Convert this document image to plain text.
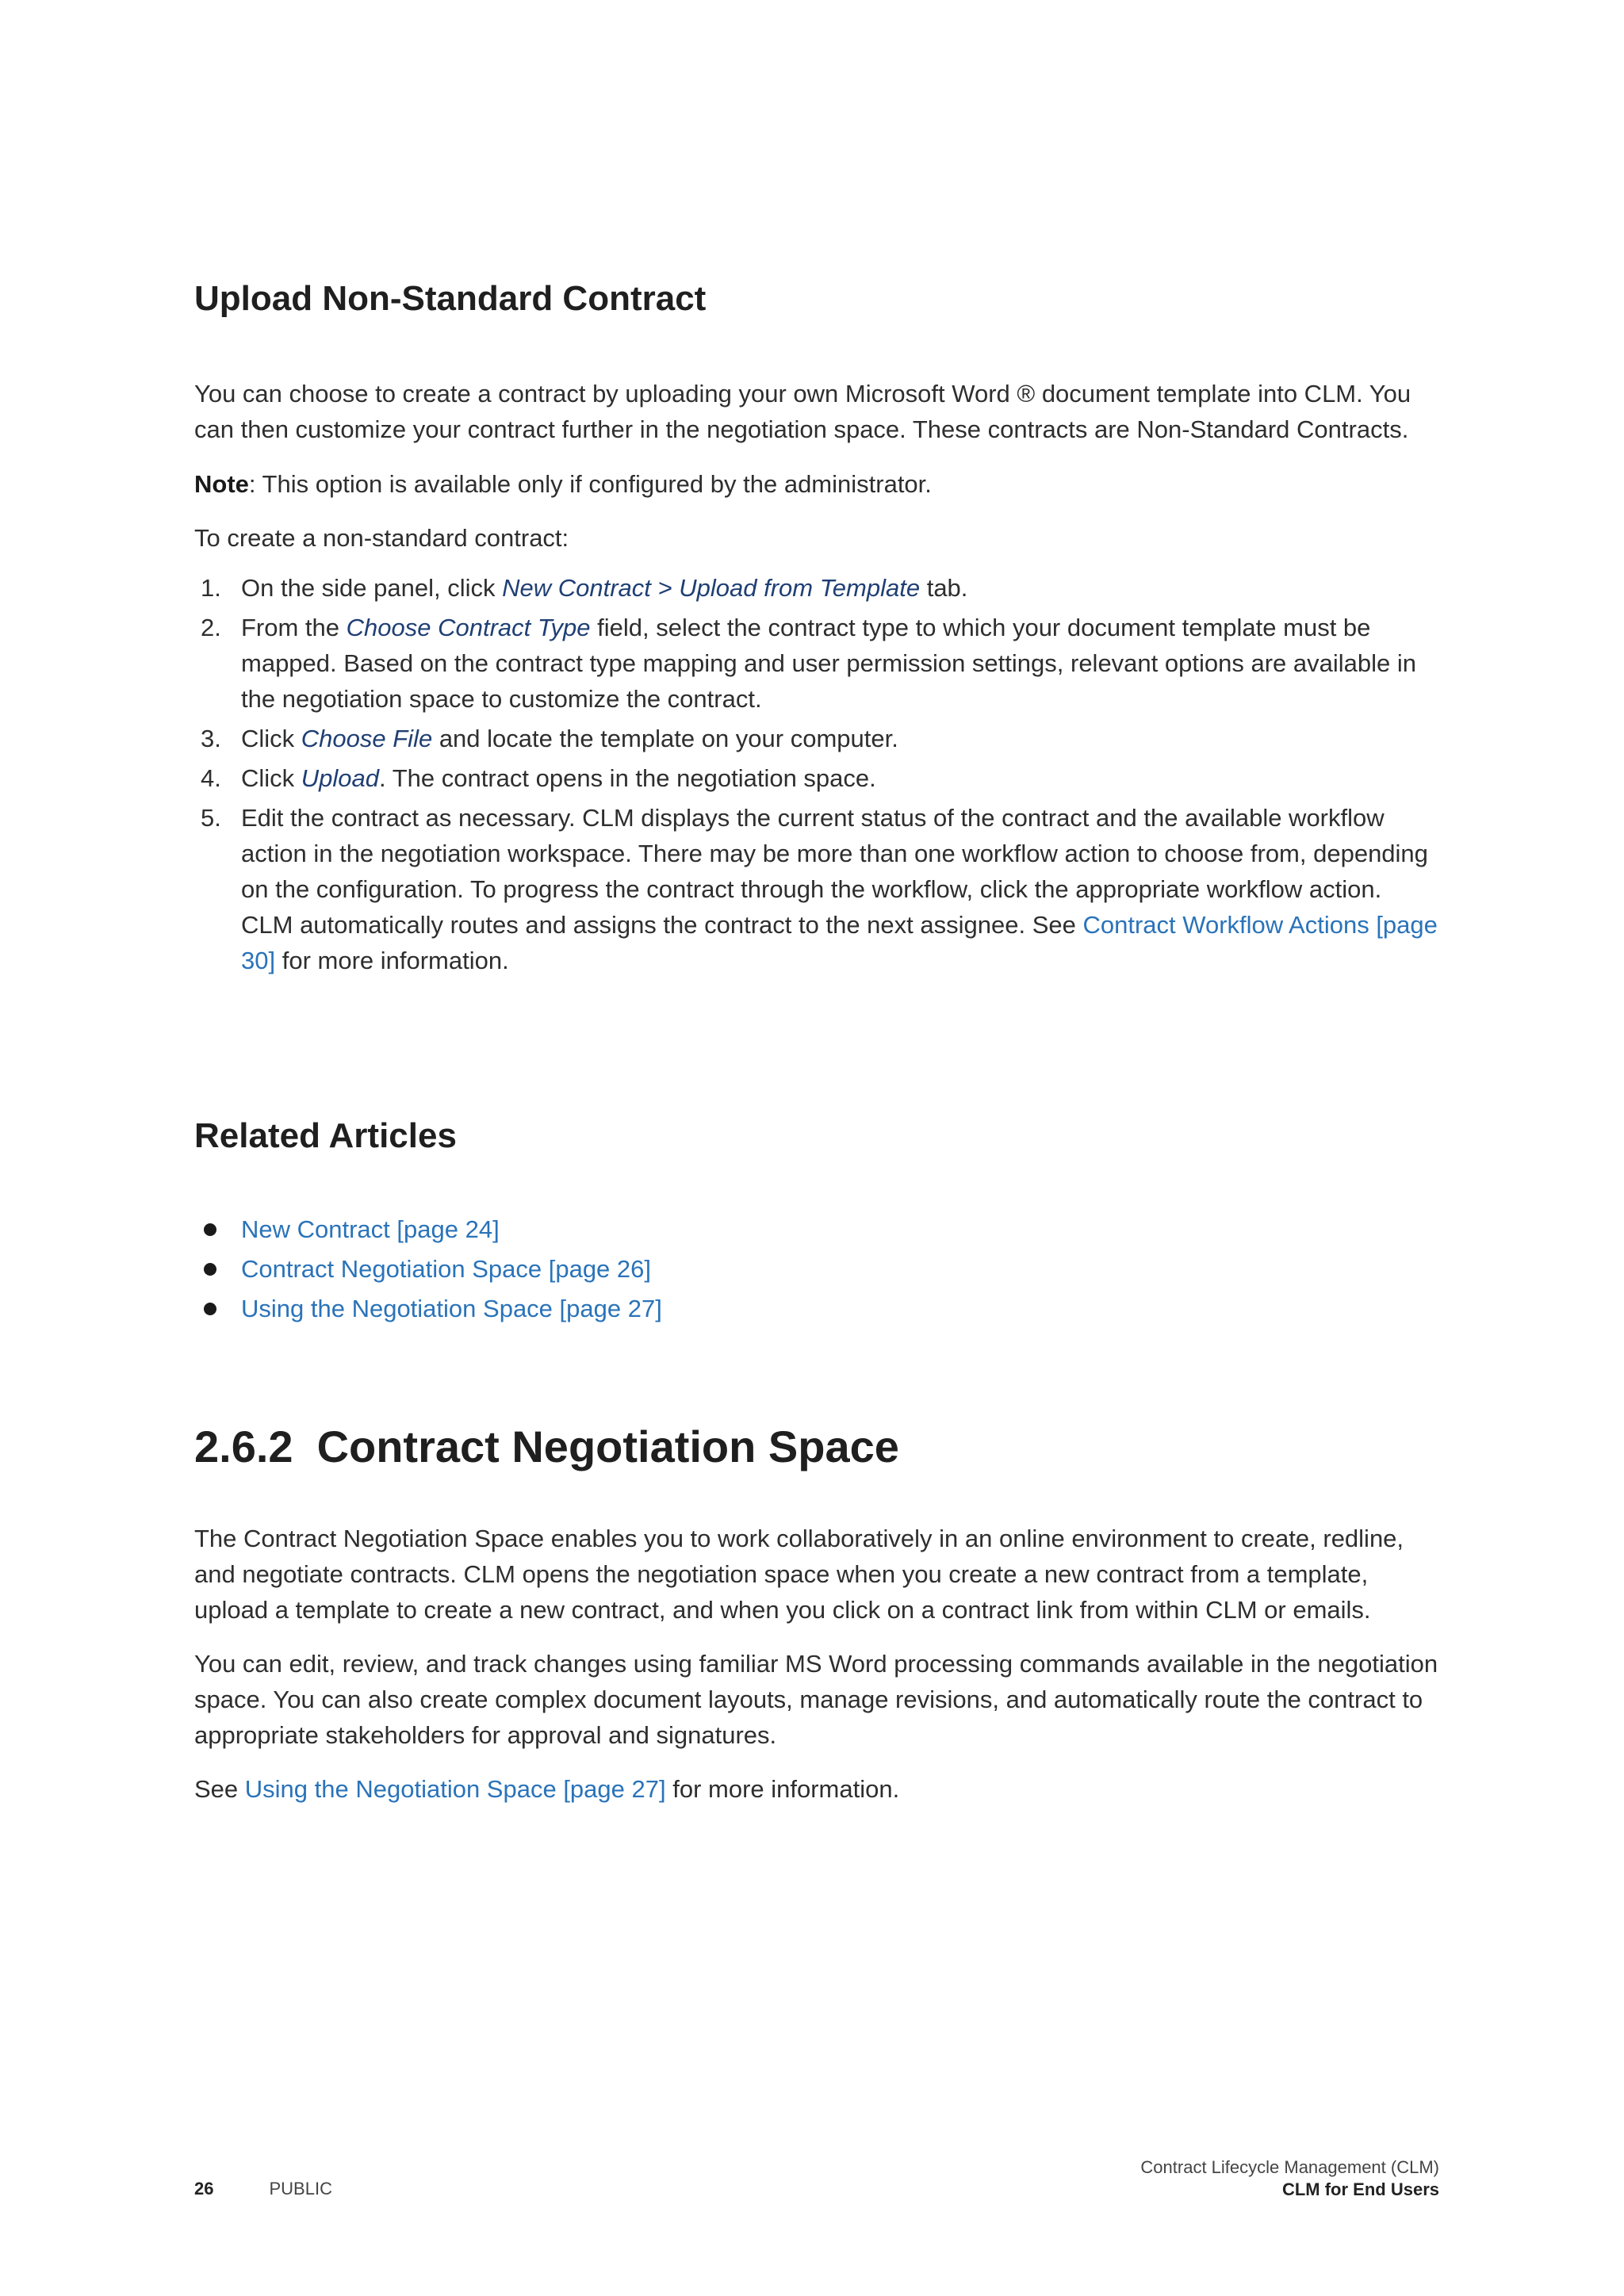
Upload Non-Standard Contract

You can choose to create a contract by uploading your own Microsoft Word ® document template into CLM. You can then customize your contract further in the negotiation space. These contracts are Non-Standard Contracts.

Note: This option is available only if configured by the administrator.

To create a non-standard contract:

1. On the side panel, click New Contract > Upload from Template tab.
2. From the Choose Contract Type field, select the contract type to which your document template must be mapped. Based on the contract type mapping and user permission settings, relevant options are available in the negotiation space to customize the contract.
3. Click Choose File and locate the template on your computer.
4. Click Upload. The contract opens in the negotiation space.
5. Edit the contract as necessary. CLM displays the current status of the contract and the available workflow action in the negotiation workspace. There may be more than one workflow action to choose from, depending on the configuration. To progress the contract through the workflow, click the appropriate workflow action. CLM automatically routes and assigns the contract to the next assignee. See Contract Workflow Actions [page 30] for more information.
Related Articles
New Contract [page 24]
Contract Negotiation Space [page 26]
Using the Negotiation Space [page 27]
2.6.2 Contract Negotiation Space

The Contract Negotiation Space enables you to work collaboratively in an online environment to create, redline, and negotiate contracts. CLM opens the negotiation space when you create a new contract from a template, upload a template to create a new contract, and when you click on a contract link from within CLM or emails.

You can edit, review, and track changes using familiar MS Word processing commands available in the negotiation space. You can also create complex document layouts, manage revisions, and automatically route the contract to appropriate stakeholders for approval and signatures.

See Using the Negotiation Space [page 27] for more information.

26	PUBLIC
Contract Lifecycle Management (CLM)
CLM for End Users
